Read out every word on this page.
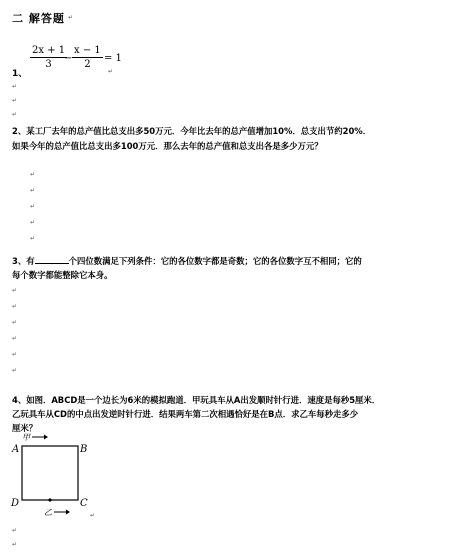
二 解答题 ↵
1、
$\frac{2x + 1}{3}$
− $\frac{x - 1}{2} = 1$
↵
↵
↵
↵
2、某工厂去年的总产值比总支出多50万元．今年比去年的总产值增加10%．总支出节约20%．
如果今年的总产值比总支出多100万元．那么去年的总产值和总支出各是多少万元？
↵
↵
↵
↵
↵
3、有	个四位数满足下列条件：它的各位数字都是奇数；它的各位数字互不相同；它的
每个数字都能整除它本身。
↵
↵
↵
↵
↵
↵
4、如图．ABCD是一个边长为6米的模拟跑道．甲玩具车从A出发顺时针行进．速度是每秒5厘米．
乙玩具车从CD的中点出发逆时针行进．结果两车第二次相遇恰好是在B点．求乙车每秒走多少
厘米？
A	B
C
D
甲
乙	↵
↵
↵
